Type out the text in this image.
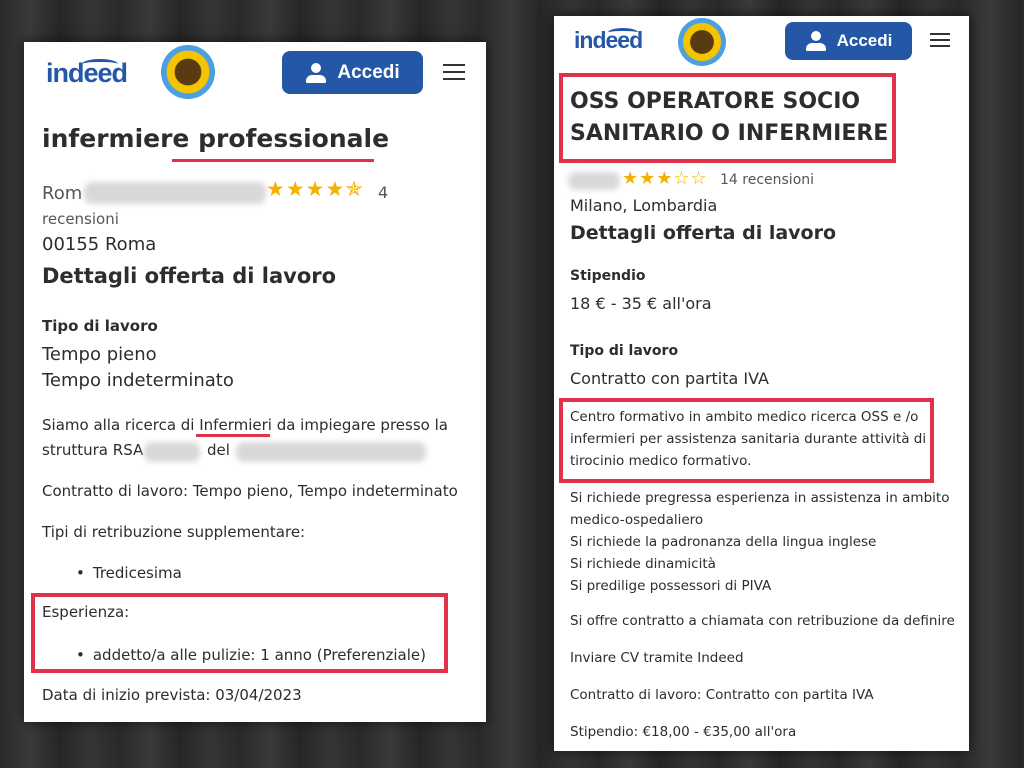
indeed	Accedi
infermiere professionale
Rom	★★★★✯ 4
recensioni
00155 Roma
Dettagli offerta di lavoro
Tipo di lavoro
Tempo pieno
Tempo indeterminato
Siamo alla ricerca di Infermieri da impiegare presso la
struttura RSA	del
Contratto di lavoro: Tempo pieno, Tempo indeterminato
Tipi di retribuzione supplementare:
• Tredicesima
Esperienza:
• addetto/a alle pulizie: 1 anno (Preferenziale)
Data di inizio prevista: 03/04/2023
indeed	Accedi
OSS OPERATORE SOCIO
SANITARIO O INFERMIERE
★★★☆☆ 14 recensioni
Milano, Lombardia
Dettagli offerta di lavoro
Stipendio
18 € - 35 € all'ora
Tipo di lavoro
Contratto con partita IVA
Centro formativo in ambito medico ricerca OSS e /o
infermieri per assistenza sanitaria durante attività di
tirocinio medico formativo.
Si richiede pregressa esperienza in assistenza in ambito
medico-ospedaliero
Si richiede la padronanza della lingua inglese
Si richiede dinamicità
Si predilige possessori di PIVA
Si offre contratto a chiamata con retribuzione da definire
Inviare CV tramite Indeed
Contratto di lavoro: Contratto con partita IVA
Stipendio: €18,00 - €35,00 all'ora
